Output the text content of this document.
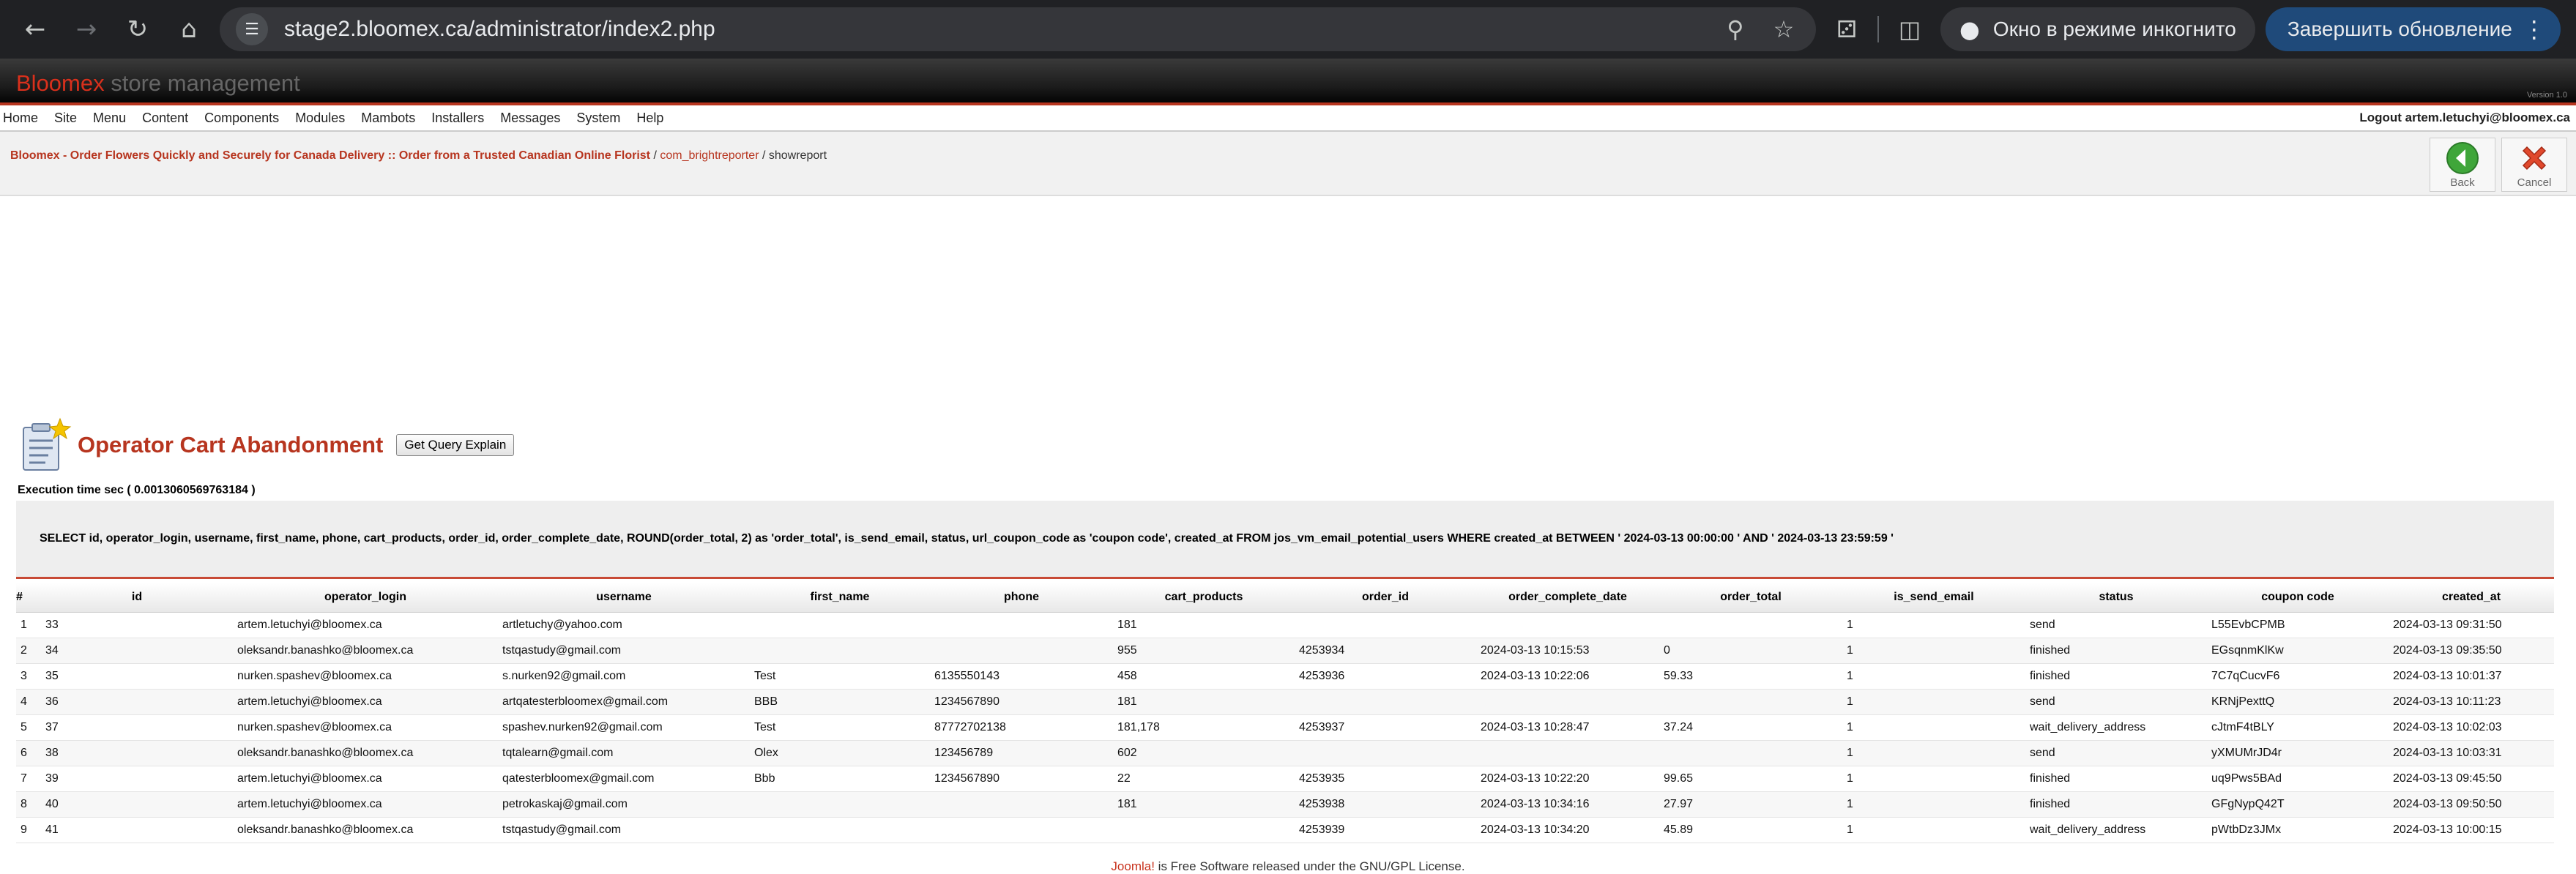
←	→	↻	⌂	☰	stage2.bloomex.ca/administrator/index2.php	⚲	☆	⚂	◫	● Окно в режиме инкогнито	Завершить обновление ⋮
Bloomex store management	Version 1.0
Home Site Menu Content Components Modules Mambots Installers Messages System Help	Logout artem.letuchyi@bloomex.ca
Bloomex - Order Flowers Quickly and Securely for Canada Delivery :: Order from a Trusted Canadian Online Florist / com_brightreporter / showreport
Back	Cancel
Operator Cart Abandonment	Get Query Explain
Execution time sec ( 0.0013060569763184 )
SELECT id, operator_login, username, first_name, phone, cart_products, order_id, order_complete_date, ROUND(order_total, 2) as 'order_total', is_send_email, status, url_coupon_code as 'coupon code', created_at FROM jos_vm_email_potential_users WHERE created_at BETWEEN ' 2024-03-13 00:00:00 ' AND ' 2024-03-13 23:59:59 '
#	id	operator_login	username	first_name	phone	cart_products	order_id	order_complete_date	order_total	is_send_email	status	coupon code	created_at
1	33	artem.letuchyi@bloomex.ca	artletuchy@yahoo.com			181				1	send	L55EvbCPMB	2024-03-13 09:31:50
2	34	oleksandr.banashko@bloomex.ca	tstqastudy@gmail.com			955	4253934	2024-03-13 10:15:53	0	1	finished	EGsqnmKlKw	2024-03-13 09:35:50
3	35	nurken.spashev@bloomex.ca	s.nurken92@gmail.com	Test	6135550143	458	4253936	2024-03-13 10:22:06	59.33	1	finished	7C7qCucvF6	2024-03-13 10:01:37
4	36	artem.letuchyi@bloomex.ca	artqatesterbloomex@gmail.com	BBB	1234567890	181				1	send	KRNjPexttQ	2024-03-13 10:11:23
5	37	nurken.spashev@bloomex.ca	spashev.nurken92@gmail.com	Test	87772702138	181,178	4253937	2024-03-13 10:28:47	37.24	1	wait_delivery_address	cJtmF4tBLY	2024-03-13 10:02:03
6	38	oleksandr.banashko@bloomex.ca	tqtalearn@gmail.com	Olex	123456789	602				1	send	yXMUMrJD4r	2024-03-13 10:03:31
7	39	artem.letuchyi@bloomex.ca	qatesterbloomex@gmail.com	Bbb	1234567890	22	4253935	2024-03-13 10:22:20	99.65	1	finished	uq9Pws5BAd	2024-03-13 09:45:50
8	40	artem.letuchyi@bloomex.ca	petrokaskaj@gmail.com			181	4253938	2024-03-13 10:34:16	27.97	1	finished	GFgNypQ42T	2024-03-13 09:50:50
9	41	oleksandr.banashko@bloomex.ca	tstqastudy@gmail.com				4253939	2024-03-13 10:34:20	45.89	1	wait_delivery_address	pWtbDz3JMx	2024-03-13 10:00:15
Joomla! is Free Software released under the GNU/GPL License.
